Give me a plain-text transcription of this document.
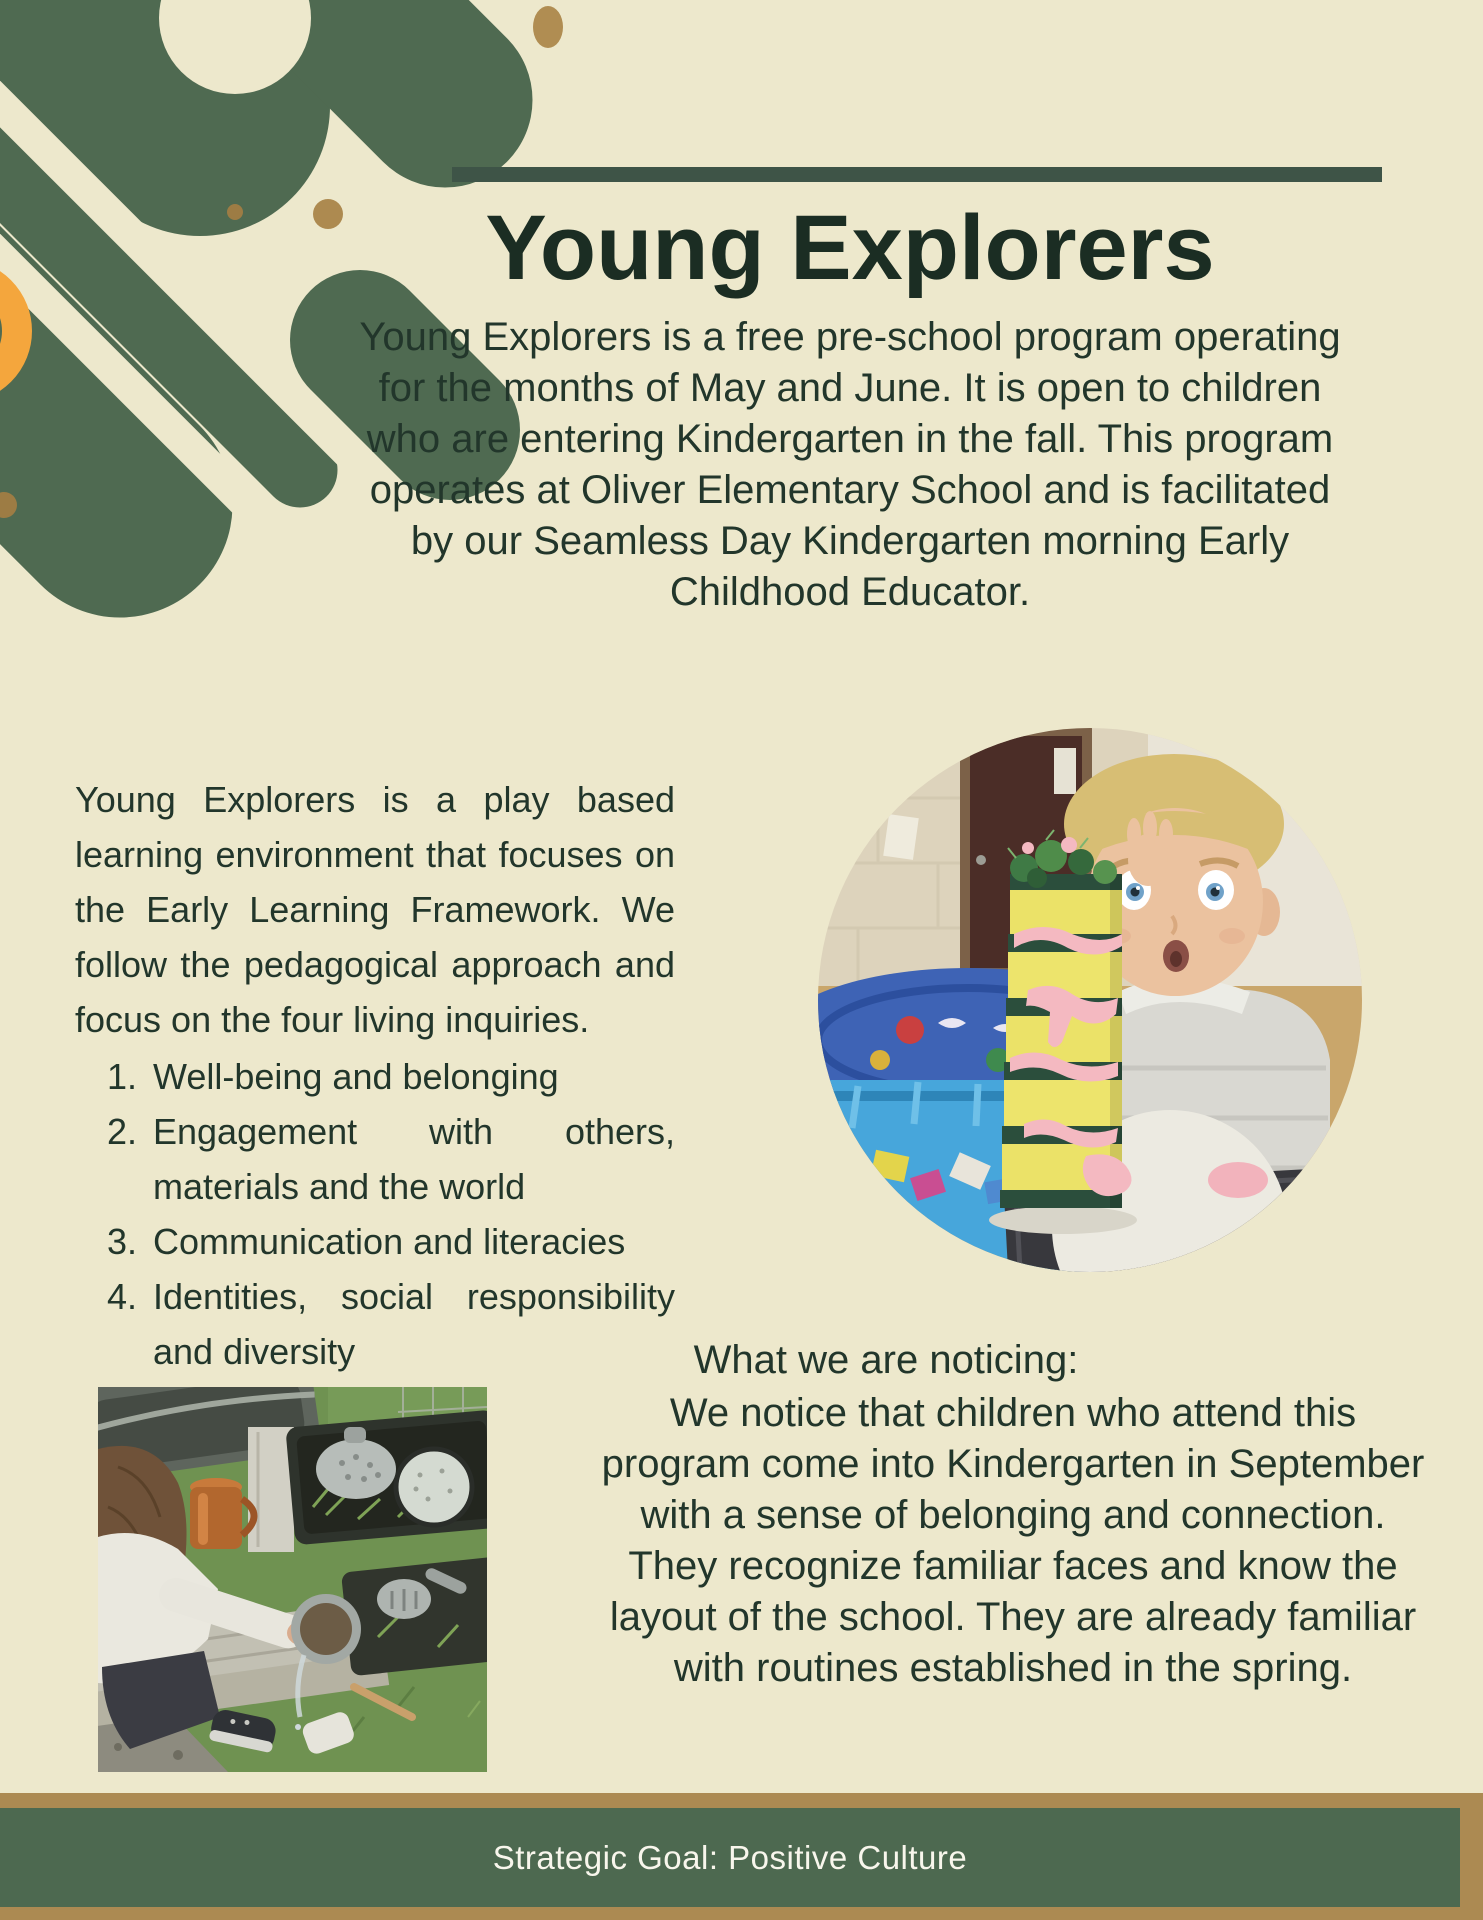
Young Explorers
Young Explorers is a free pre-school program operating for the months of May and June. It is open to children who are entering Kindergarten in the fall. This program operates at Oliver Elementary School and is facilitated by our Seamless Day Kindergarten morning Early Childhood Educator.

Young Explorers is a play based learning environment that focuses on the Early Learning Framework. We follow the pedagogical approach and focus on the four living inquiries.

Well-being and belonging
Engagement with others, materials and the world
Communication and literacies
Identities, social responsibility and diversity	What we are noticing:
We notice that children who attend this program come into Kindergarten in September with a sense of belonging and connection. They recognize familiar faces and know the layout of the school. They are already familiar with routines established in the spring.
Strategic Goal: Positive Culture
